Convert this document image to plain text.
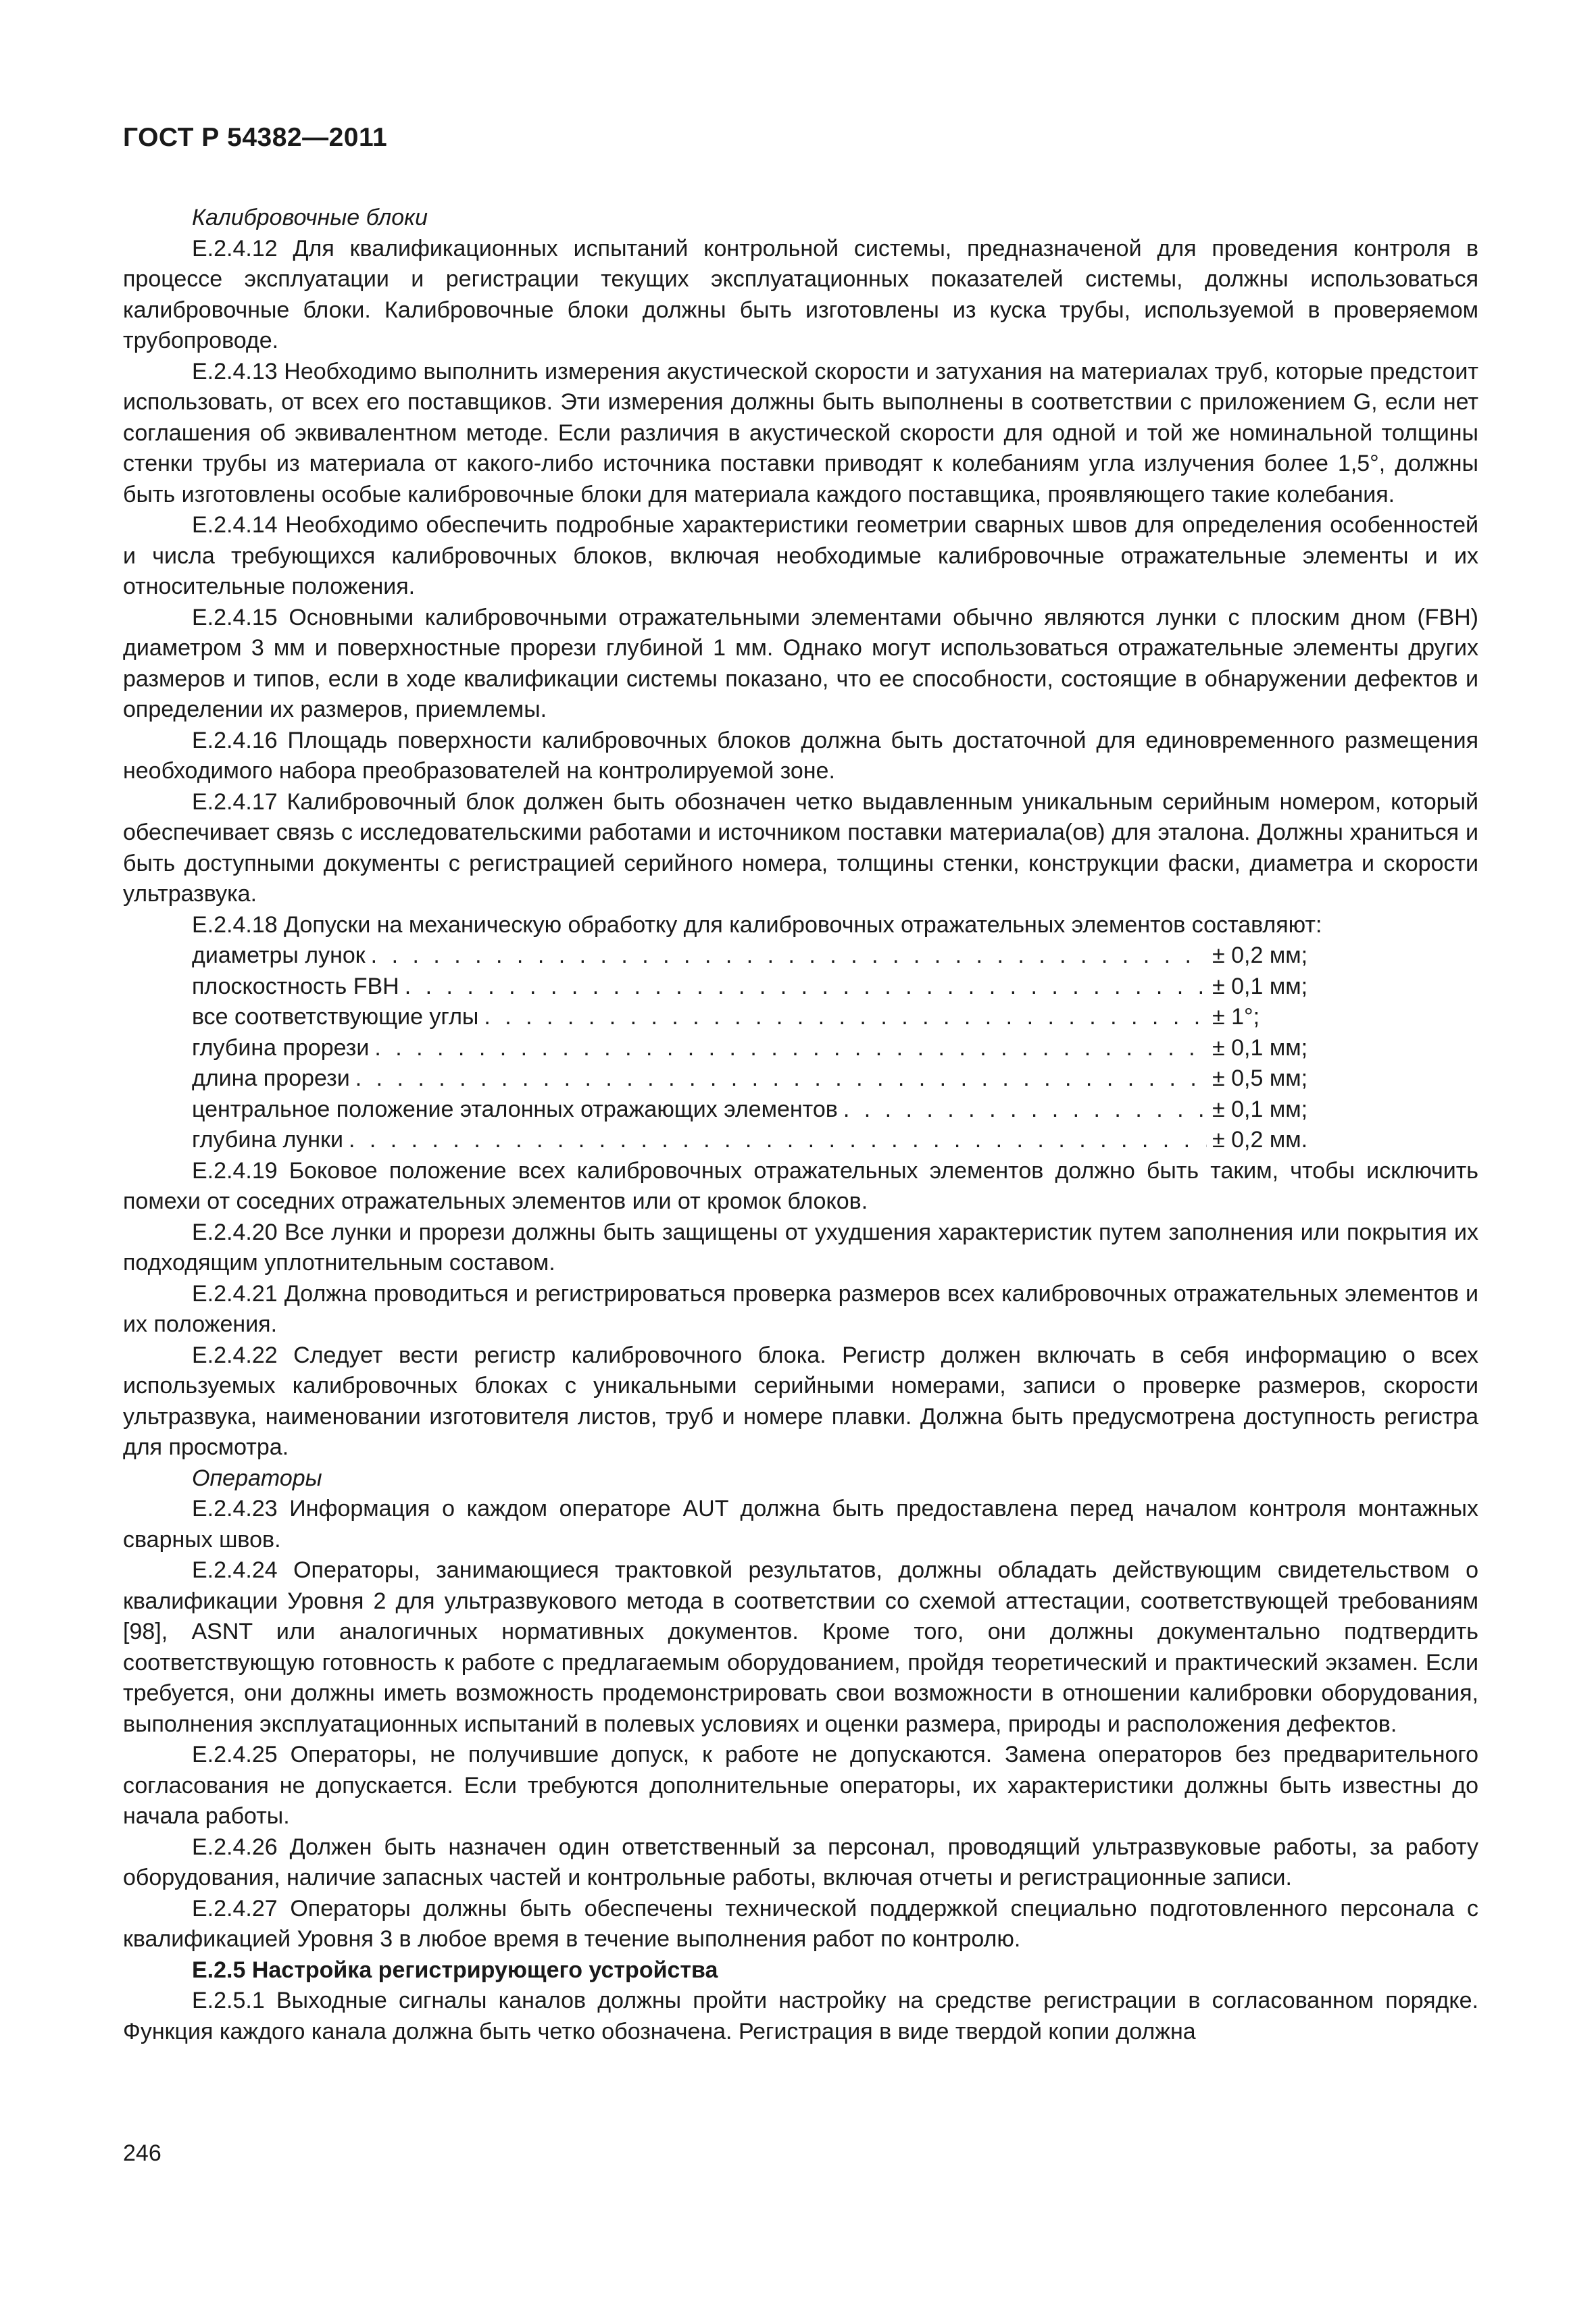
ГОСТ Р 54382—2011

Калибровочные блоки

E.2.4.12 Для квалификационных испытаний контрольной системы, предназначеной для проведения контроля в процессе эксплуатации и регистрации текущих эксплуатационных показателей системы, должны использоваться калибровочные блоки. Калибровочные блоки должны быть изготовлены из куска трубы, используемой в проверяемом трубопроводе.

E.2.4.13 Необходимо выполнить измерения акустической скорости и затухания на материалах труб, которые предстоит использовать, от всех его поставщиков. Эти измерения должны быть выполнены в соответствии с приложением G, если нет соглашения об эквивалентном методе. Если различия в акустической скорости для одной и той же номинальной толщины стенки трубы из материала от какого-либо источника поставки приводят к колебаниям угла излучения более 1,5°, должны быть изготовлены особые калибровочные блоки для материала каждого поставщика, проявляющего такие колебания.

E.2.4.14 Необходимо обеспечить подробные характеристики геометрии сварных швов для определения особенностей и числа требующихся калибровочных блоков, включая необходимые калибровочные отражательные элементы и их относительные положения.

E.2.4.15 Основными калибровочными отражательными элементами обычно являются лунки с плоским дном (FBH) диаметром 3 мм и поверхностные прорези глубиной 1 мм. Однако могут использоваться отражательные элементы других размеров и типов, если в ходе квалификации системы показано, что ее способности, состоящие в обнаружении дефектов и определении их размеров, приемлемы.

E.2.4.16 Площадь поверхности калибровочных блоков должна быть достаточной для единовременного размещения необходимого набора преобразователей на контролируемой зоне.

E.2.4.17 Калибровочный блок должен быть обозначен четко выдавленным уникальным серийным номером, который обеспечивает связь с исследовательскими работами и источником поставки материала(ов) для эталона. Должны храниться и быть доступными документы с регистрацией серийного номера, толщины стенки, конструкции фаски, диаметра и скорости ультразвука.

E.2.4.18 Допуски на механическую обработку для калибровочных отражательных элементов составляют:

диаметры лунок . . .	± 0,2 мм;
плоскостность FBH . . .	± 0,1 мм;
все соответствующие углы . . .	± 1°;
глубина прорези . . .	± 0,1 мм;
длина прорези . . .	± 0,5 мм;
центральное положение эталонных отражающих элементов . . .	± 0,1 мм;
глубина лунки . . .	± 0,2 мм.

E.2.4.19 Боковое положение всех калибровочных отражательных элементов должно быть таким, чтобы исключить помехи от соседних отражательных элементов или от кромок блоков.

E.2.4.20 Все лунки и прорези должны быть защищены от ухудшения характеристик путем заполнения или покрытия их подходящим уплотнительным составом.

E.2.4.21 Должна проводиться и регистрироваться проверка размеров всех калибровочных отражательных элементов и их положения.

E.2.4.22 Следует вести регистр калибровочного блока. Регистр должен включать в себя информацию о всех используемых калибровочных блоках с уникальными серийными номерами, записи о проверке размеров, скорости ультразвука, наименовании изготовителя листов, труб и номере плавки. Должна быть предусмотрена доступность регистра для просмотра.

Операторы

E.2.4.23 Информация о каждом операторе AUT должна быть предоставлена перед началом контроля монтажных сварных швов.

E.2.4.24 Операторы, занимающиеся трактовкой результатов, должны обладать действующим свидетельством о квалификации Уровня 2 для ультразвукового метода в соответствии со схемой аттестации, соответствующей требованиям [98], ASNT или аналогичных нормативных документов. Кроме того, они должны документально подтвердить соответствующую готовность к работе с предлагаемым оборудованием, пройдя теоретический и практический экзамен. Если требуется, они должны иметь возможность продемонстрировать свои возможности в отношении калибровки оборудования, выполнения эксплуатационных испытаний в полевых условиях и оценки размера, природы и расположения дефектов.

E.2.4.25 Операторы, не получившие допуск, к работе не допускаются. Замена операторов без предварительного согласования не допускается. Если требуются дополнительные операторы, их характеристики должны быть известны до начала работы.

E.2.4.26 Должен быть назначен один ответственный за персонал, проводящий ультразвуковые работы, за работу оборудования, наличие запасных частей и контрольные работы, включая отчеты и регистрационные записи.

E.2.4.27 Операторы должны быть обеспечены технической поддержкой специально подготовленного персонала с квалификацией Уровня 3 в любое время в течение выполнения работ по контролю.

E.2.5 Настройка регистрирующего устройства

E.2.5.1 Выходные сигналы каналов должны пройти настройку на средстве регистрации в согласованном порядке. Функция каждого канала должна быть четко обозначена. Регистрация в виде твердой копии должна

246
